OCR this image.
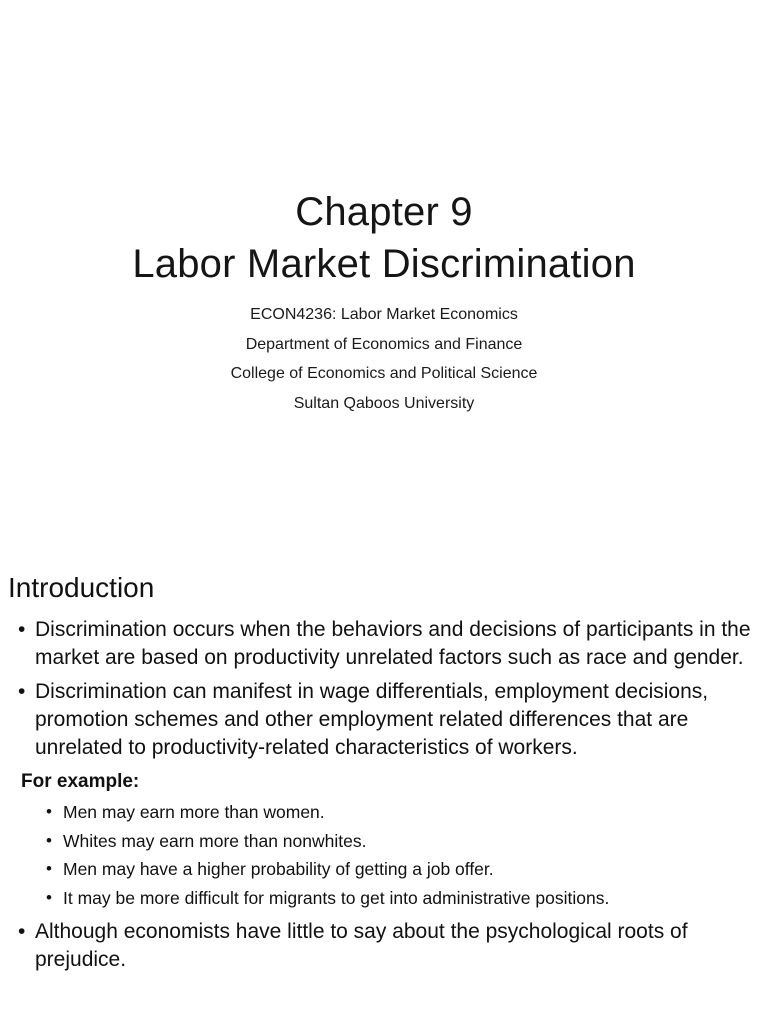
Chapter 9
Labor Market Discrimination
ECON4236: Labor Market Economics
Department of Economics and Finance
College of Economics and Political Science
Sultan Qaboos University
Introduction
• Discrimination occurs when the behaviors and decisions of participants in the market are based on productivity unrelated factors such as race and gender.
• Discrimination can manifest in wage differentials, employment decisions, promotion schemes and other employment related differences that are unrelated to productivity-related characteristics of workers.
For example:
• Men may earn more than women.
• Whites may earn more than nonwhites.
• Men may have a higher probability of getting a job offer.
• It may be more difficult for migrants to get into administrative positions.
• Although economists have little to say about the psychological roots of prejudice.
